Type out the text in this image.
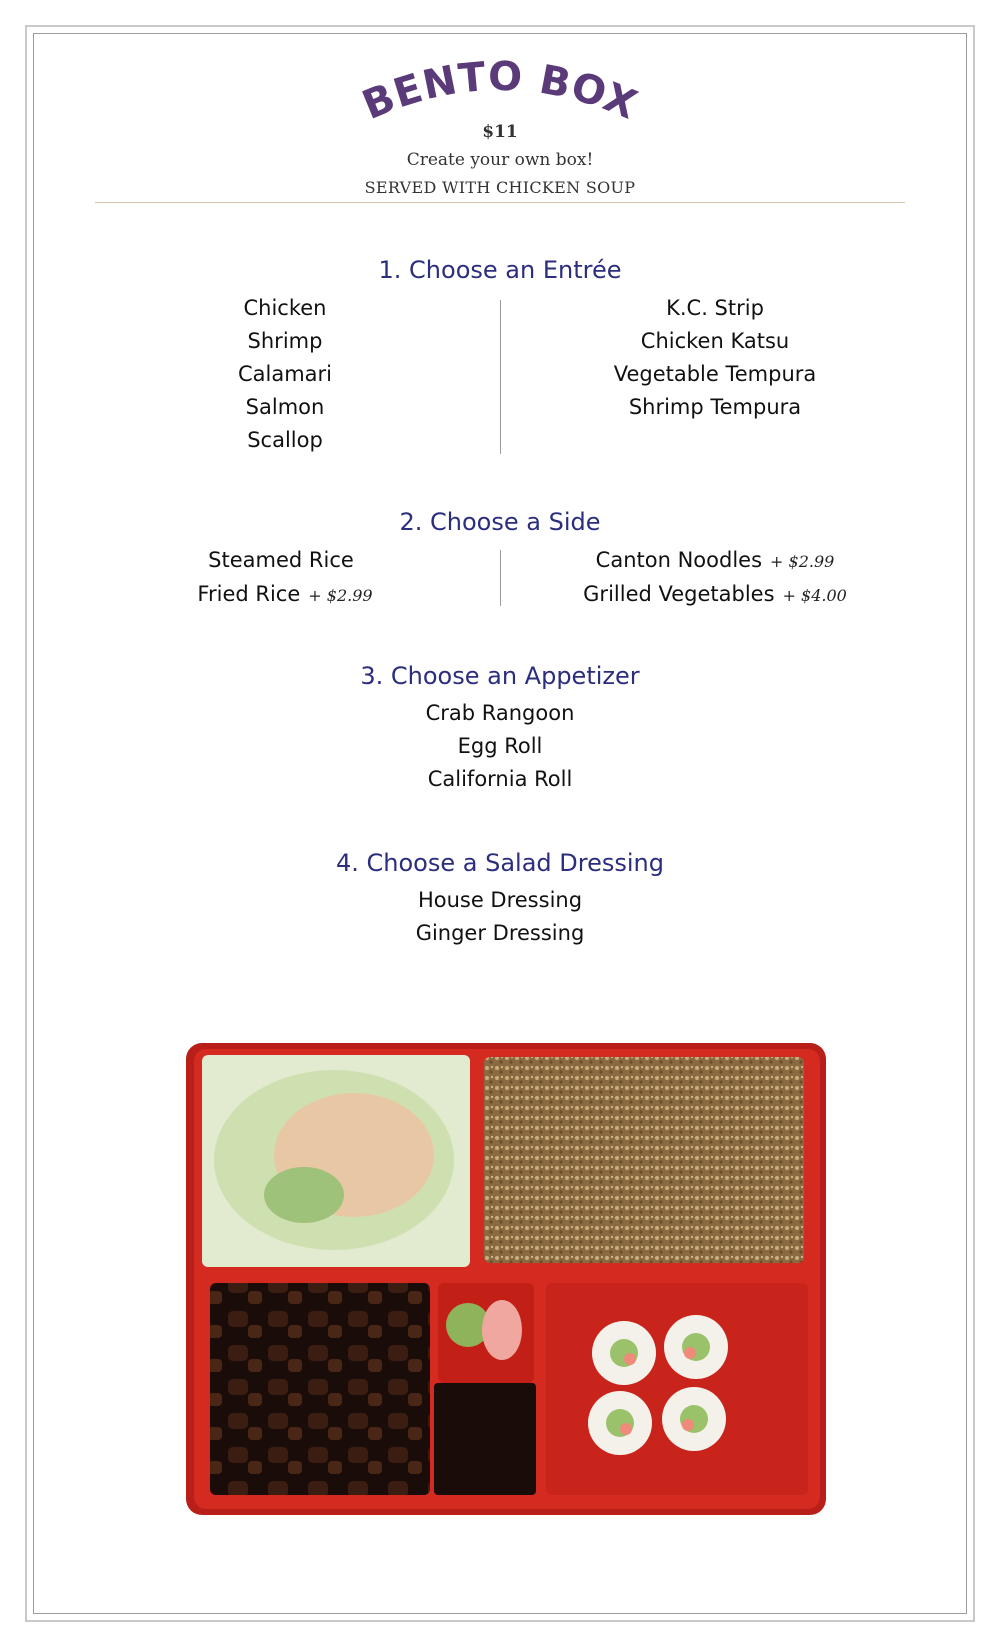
BENTO BOX
$11
Create your own box!
SERVED WITH CHICKEN SOUP
1. Choose an Entrée
Chicken
Shrimp
Calamari
Salmon
Scallop
K.C. Strip
Chicken Katsu
Vegetable Tempura
Shrimp Tempura
2. Choose a Side
Steamed Rice
Fried Rice + $2.99
Canton Noodles + $2.99
Grilled Vegetables + $4.00
3. Choose an Appetizer
Crab Rangoon
Egg Roll
California Roll
4. Choose a Salad Dressing
House Dressing
Ginger Dressing
